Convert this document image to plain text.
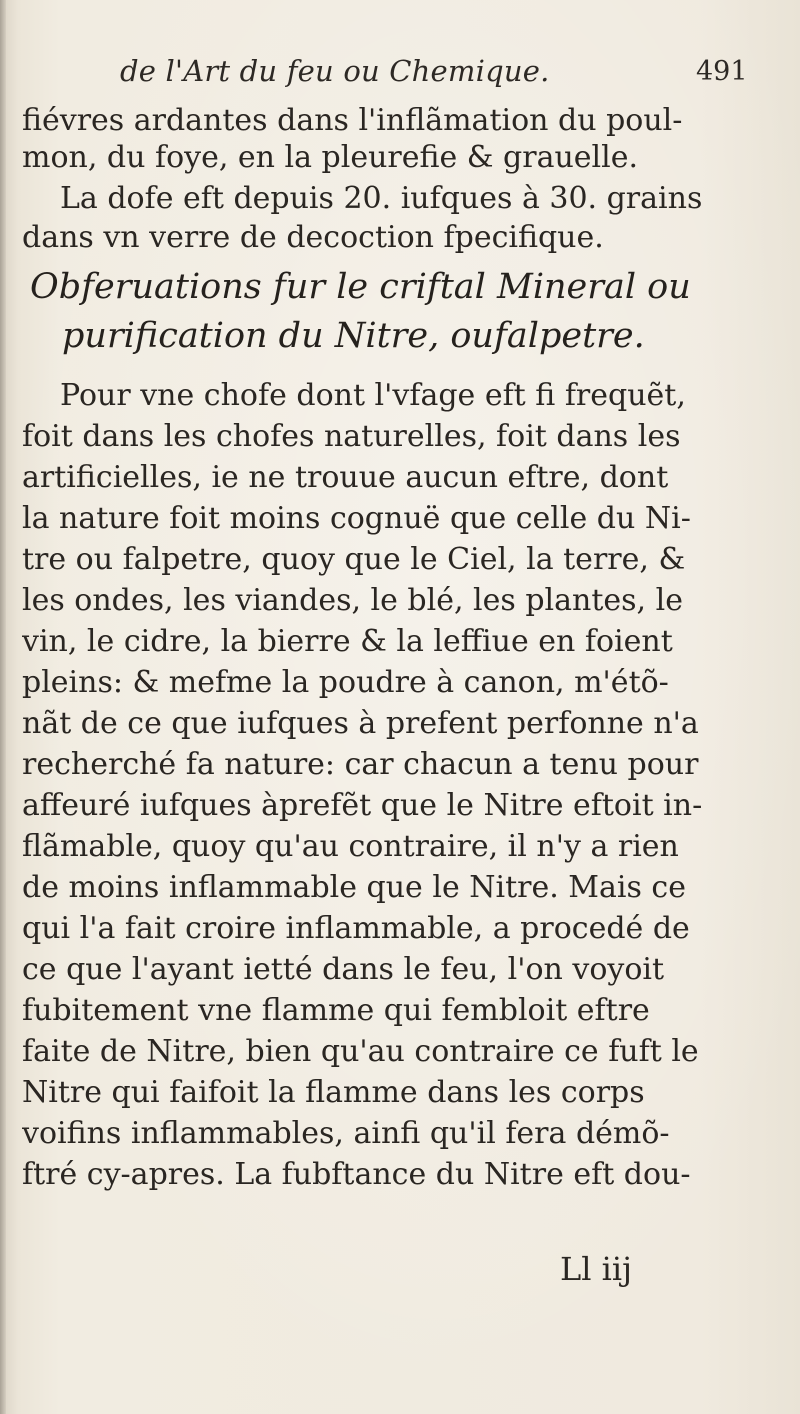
de l'Art du feu ou Chemique.	491
fiévres ardantes dans l'inflãmation du poul-
mon, du foye, en la pleurefie & grauelle.
La dofe eft depuis 20. iufques à 30. grains
dans vn verre de decoction fpecifique.
Obferuations fur le criftal Mineral ou
purification du Nitre, oufalpetre.
Pour vne chofe dont l'vfage eft fi frequẽt,
foit dans les chofes naturelles, foit dans les
artificielles, ie ne trouue aucun eftre, dont
la nature foit moins cognuë que celle du Ni-
tre ou falpetre, quoy que le Ciel, la terre, &
les ondes, les viandes, le blé, les plantes, le
vin, le cidre, la bierre & la leffiue en foient
pleins: & mefme la poudre à canon, m'étõ-
nãt de ce que iufques à prefent perfonne n'a
recherché fa nature: car chacun a tenu pour
affeuré iufques àprefẽt que le Nitre eftoit in-
flãmable, quoy qu'au contraire, il n'y a rien
de moins inflammable que le Nitre. Mais ce
qui l'a fait croire inflammable, a procedé de
ce que l'ayant ietté dans le feu, l'on voyoit
fubitement vne flamme qui fembloit eftre
faite de Nitre, bien qu'au contraire ce fuft le
Nitre qui faifoit la flamme dans les corps
voifins inflammables, ainfi qu'il fera démõ-
ftré cy-apres. La fubftance du Nitre eft dou-
Ll iij
